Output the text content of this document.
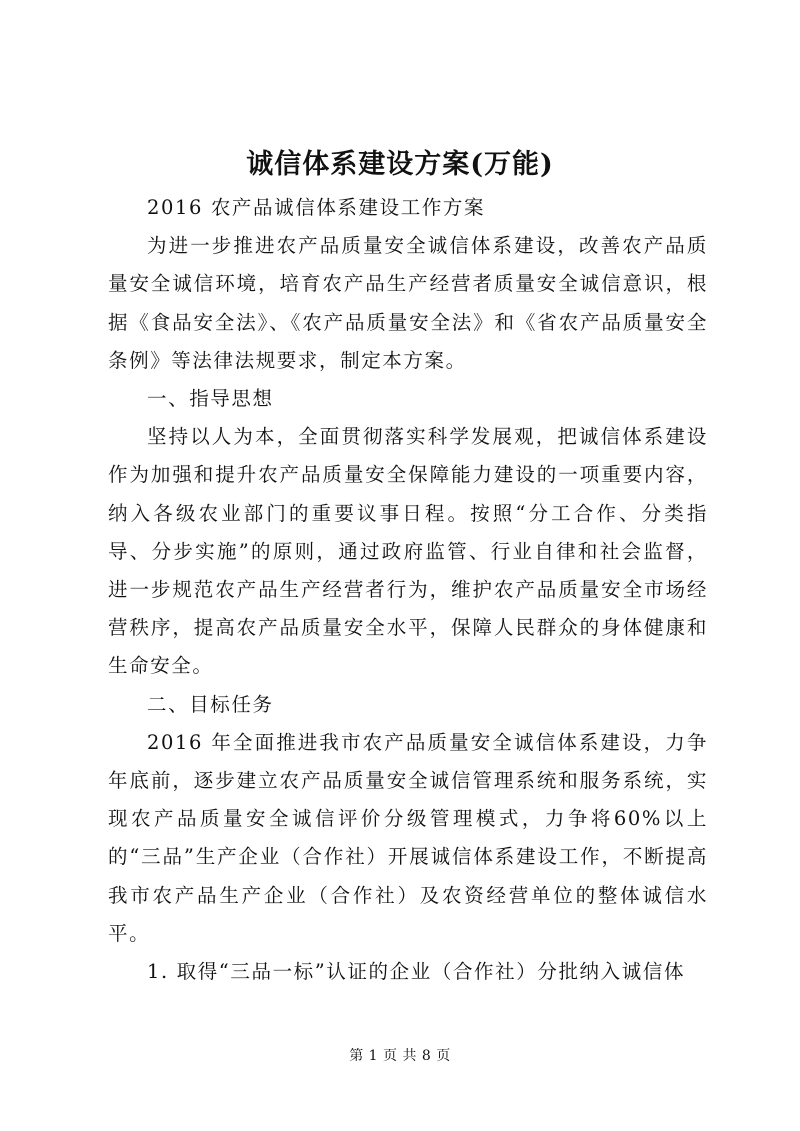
诚信体系建设方案(万能)

2016 农产品诚信体系建设工作方案

为进一步推进农产品质量安全诚信体系建设，改善农产品质量安全诚信环境，培育农产品生产经营者质量安全诚信意识，根据《食品安全法》、《农产品质量安全法》和《省农产品质量安全条例》等法律法规要求，制定本方案。

一、指导思想

坚持以人为本，全面贯彻落实科学发展观，把诚信体系建设作为加强和提升农产品质量安全保障能力建设的一项重要内容，纳入各级农业部门的重要议事日程。按照“分工合作、分类指导、分步实施”的原则，通过政府监管、行业自律和社会监督，进一步规范农产品生产经营者行为，维护农产品质量安全市场经营秩序，提高农产品质量安全水平，保障人民群众的身体健康和生命安全。

二、目标任务

2016 年全面推进我市农产品质量安全诚信体系建设，力争年底前，逐步建立农产品质量安全诚信管理系统和服务系统，实现农产品质量安全诚信评价分级管理模式，力争将60%以上的“三品”生产企业（合作社）开展诚信体系建设工作，不断提高我市农产品生产企业（合作社）及农资经营单位的整体诚信水平。

1. 取得“三品一标”认证的企业（合作社）分批纳入诚信体

第 1 页 共 8 页
